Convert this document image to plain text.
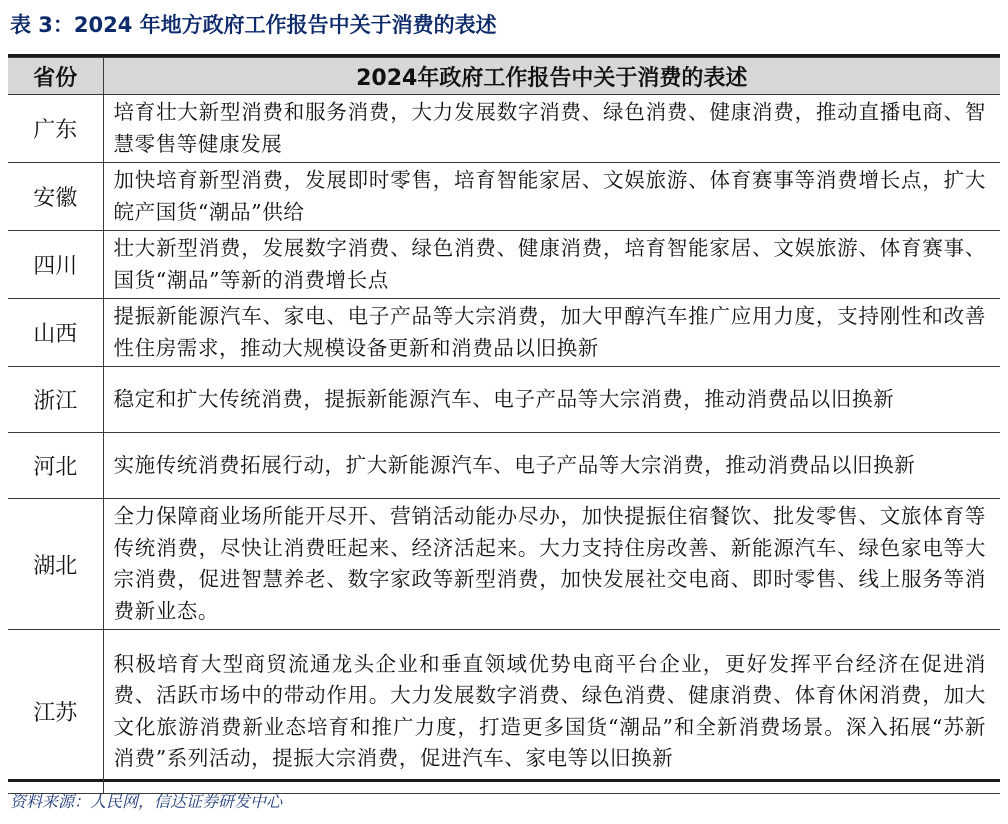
表 3：2024 年地方政府工作报告中关于消费的表述
省份	2024年政府工作报告中关于消费的表述
广东	培育壮大新型消费和服务消费，大力发展数字消费、绿色消费、健康消费，推动直播电商、智慧零售等健康发展
安徽	加快培育新型消费，发展即时零售，培育智能家居、文娱旅游、体育赛事等消费增长点，扩大皖产国货“潮品”供给
四川	壮大新型消费，发展数字消费、绿色消费、健康消费，培育智能家居、文娱旅游、体育赛事、国货“潮品”等新的消费增长点
山西	提振新能源汽车、家电、电子产品等大宗消费，加大甲醇汽车推广应用力度，支持刚性和改善性住房需求，推动大规模设备更新和消费品以旧换新
浙江	稳定和扩大传统消费，提振新能源汽车、电子产品等大宗消费，推动消费品以旧换新
河北	实施传统消费拓展行动，扩大新能源汽车、电子产品等大宗消费，推动消费品以旧换新
湖北	全力保障商业场所能开尽开、营销活动能办尽办，加快提振住宿餐饮、批发零售、文旅体育等传统消费，尽快让消费旺起来、经济活起来。大力支持住房改善、新能源汽车、绿色家电等大宗消费，促进智慧养老、数字家政等新型消费，加快发展社交电商、即时零售、线上服务等消费新业态。
江苏	积极培育大型商贸流通龙头企业和垂直领域优势电商平台企业，更好发挥平台经济在促进消费、活跃市场中的带动作用。大力发展数字消费、绿色消费、健康消费、体育休闲消费，加大文化旅游消费新业态培育和推广力度，打造更多国货“潮品”和全新消费场景。深入拓展“苏新消费”系列活动，提振大宗消费，促进汽车、家电等以旧换新
资料来源：人民网，信达证券研发中心
